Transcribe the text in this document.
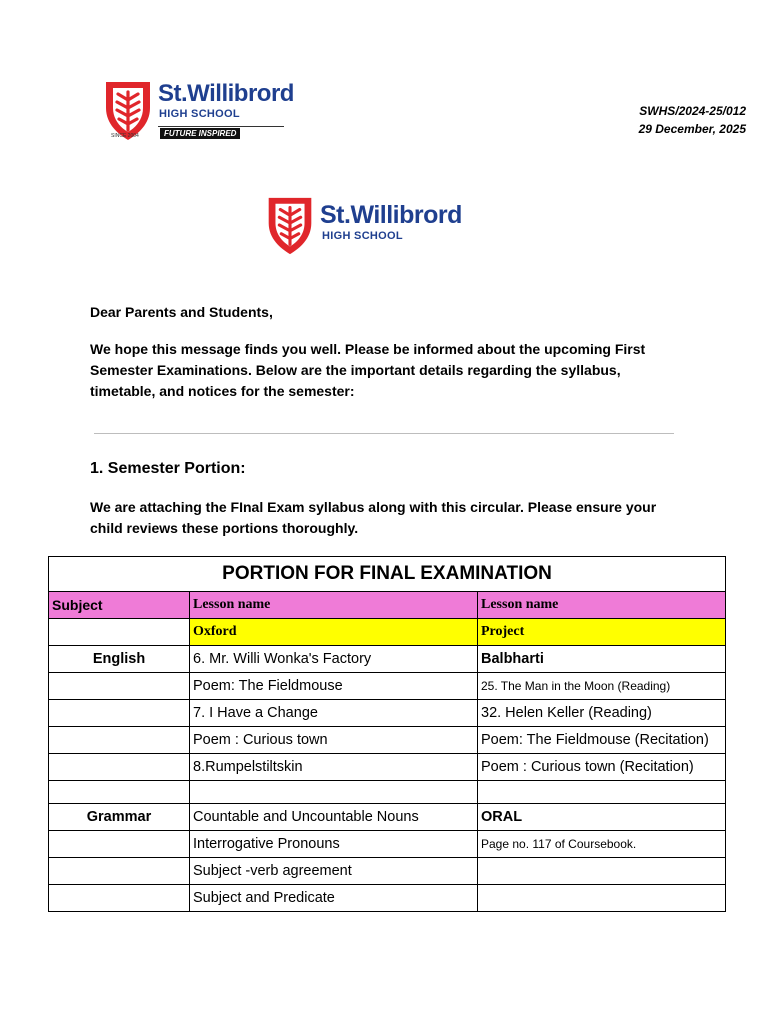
St.Willibrord
HIGH SCHOOL
SINCE 2004	FUTURE INSPIRED
SWHS/2024-25/012
29 December, 2025
St.Willibrord
HIGH SCHOOL
Dear Parents and Students,
We hope this message finds you well. Please be informed about the upcoming First Semester Examinations. Below are the important details regarding the syllabus, timetable, and notices for the semester:
1. Semester Portion:
We are attaching the FInal Exam syllabus along with this circular. Please ensure your child reviews these portions thoroughly.
PORTION FOR FINAL EXAMINATION		
Subject	Lesson name	Lesson name
	Oxford	Project
English	6. Mr. Willi Wonka's Factory	Balbharti
	Poem: The Fieldmouse	25. The Man in the Moon (Reading)
	7. I Have a Change	32. Helen Keller (Reading)
	Poem : Curious town	Poem: The Fieldmouse (Recitation)
	8.Rumpelstiltskin	Poem : Curious town (Recitation)

Grammar	Countable and Uncountable Nouns	ORAL
	Interrogative Pronouns	Page no. 117 of Coursebook.
	Subject -verb agreement	
	Subject and Predicate	
